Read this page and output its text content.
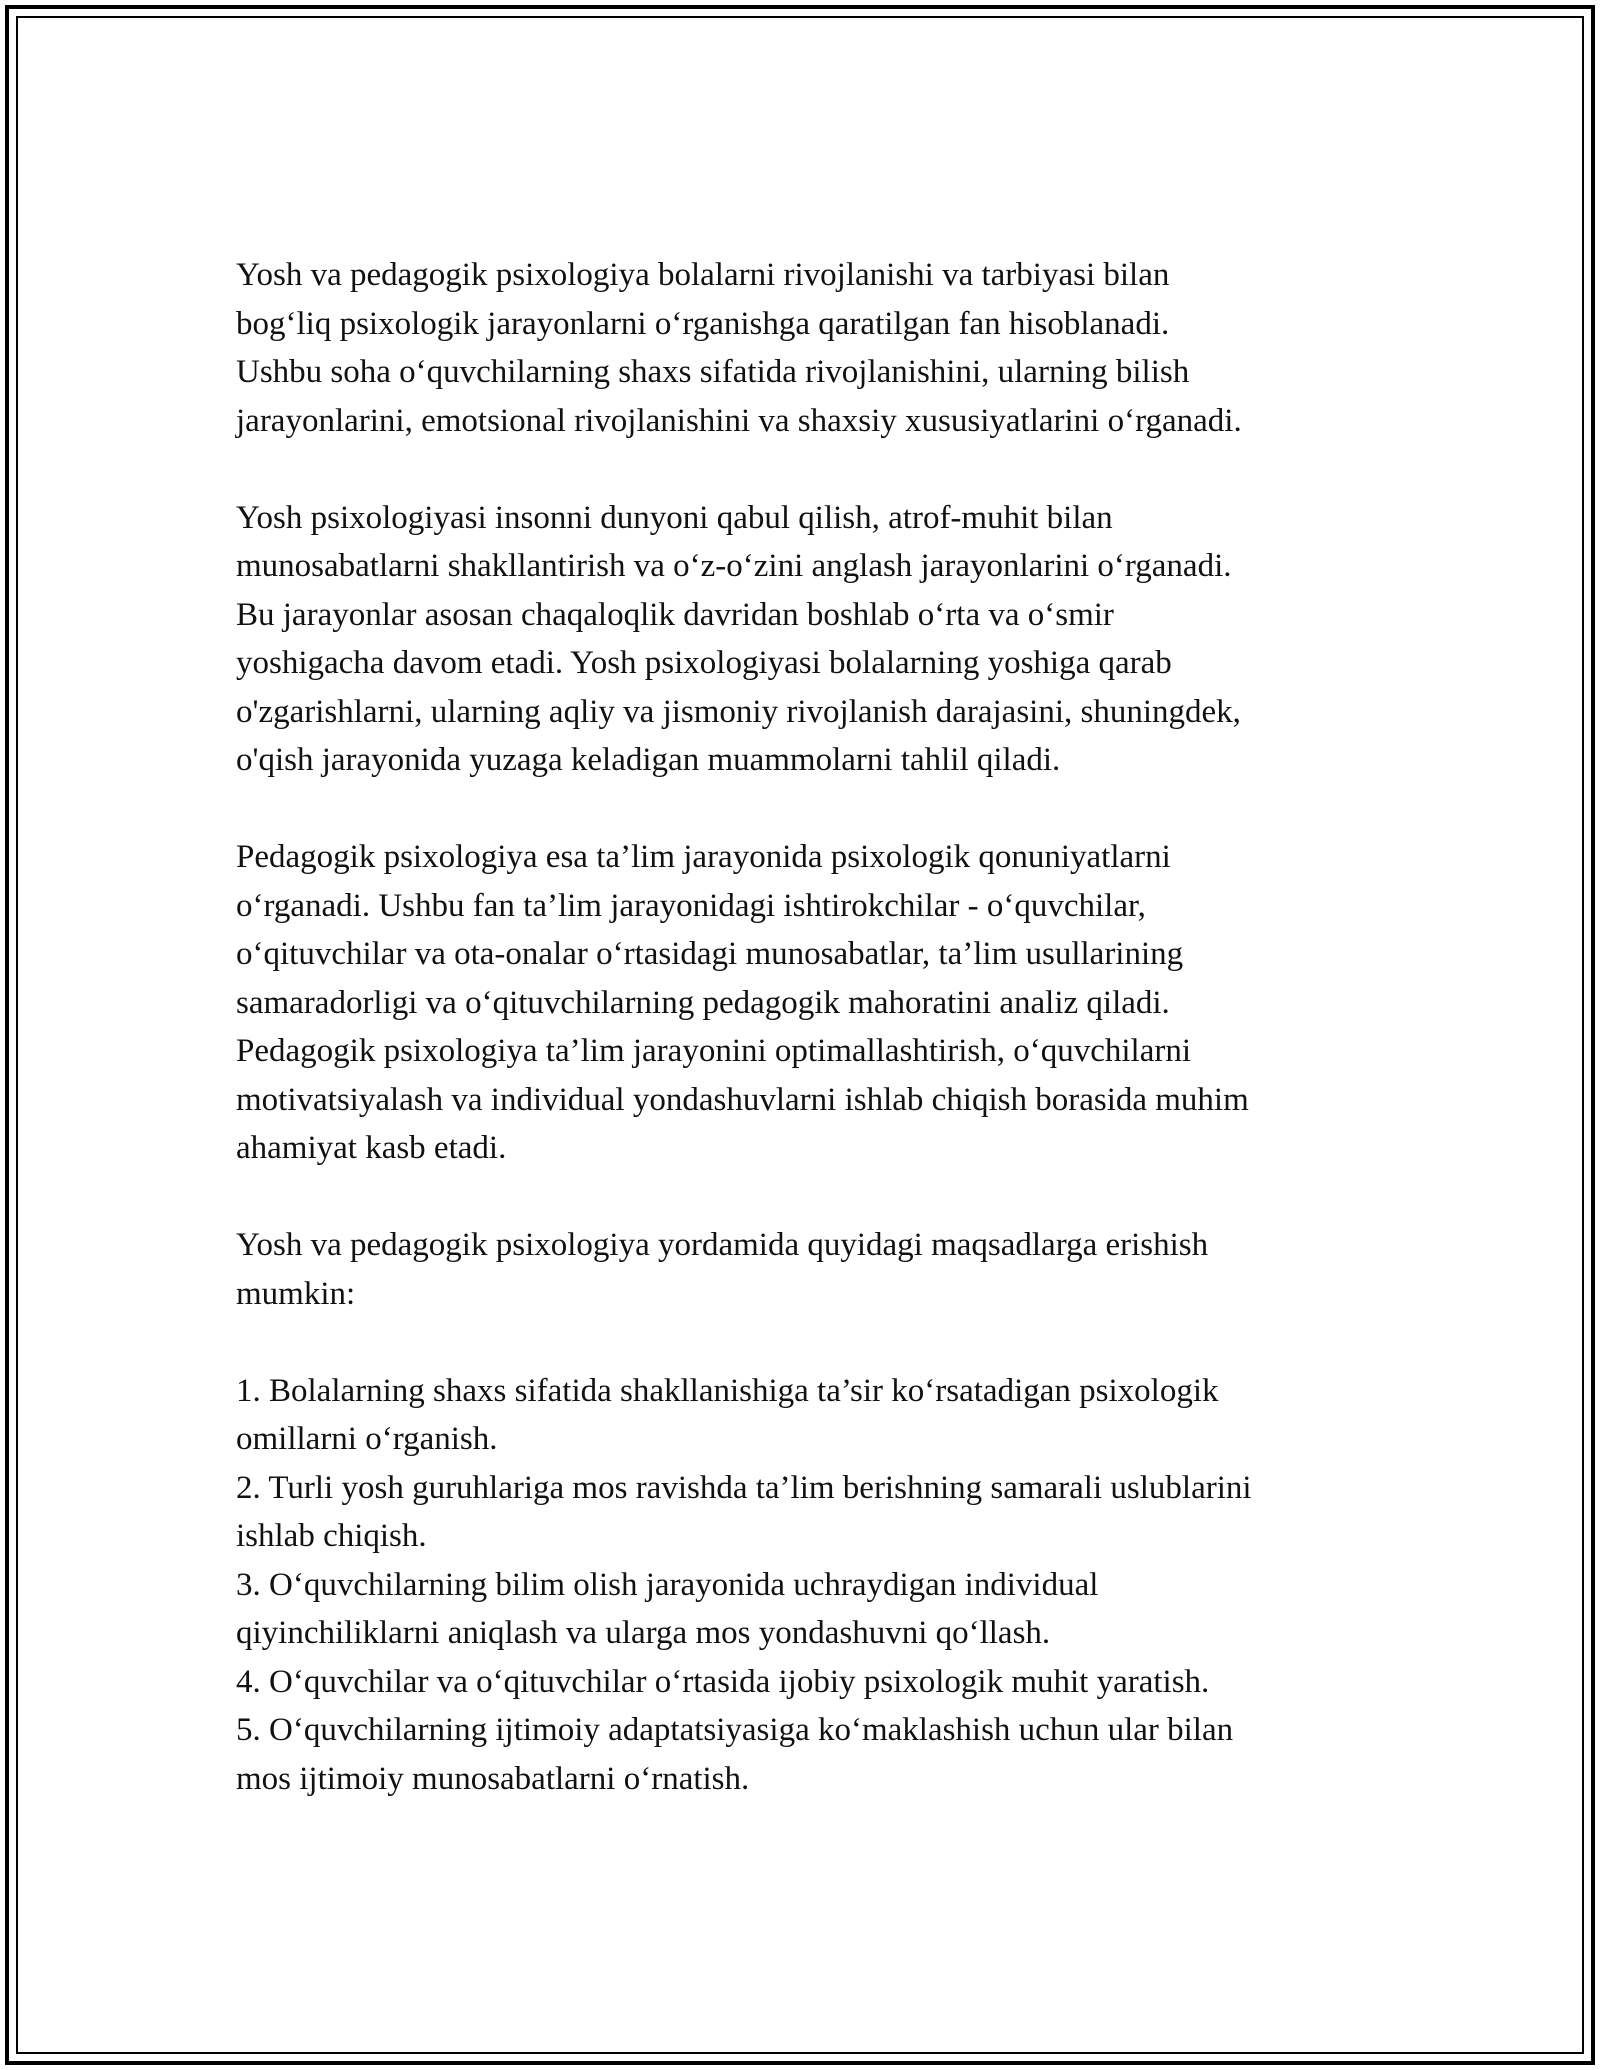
Yosh va pedagogik psixologiya bolalarni rivojlanishi va tarbiyasi bilan
bog‘liq psixologik jarayonlarni o‘rganishga qaratilgan fan hisoblanadi.
Ushbu soha o‘quvchilarning shaxs sifatida rivojlanishini, ularning bilish
jarayonlarini, emotsional rivojlanishini va shaxsiy xususiyatlarini o‘rganadi.

Yosh psixologiyasi insonni dunyoni qabul qilish, atrof-muhit bilan
munosabatlarni shakllantirish va o‘z-o‘zini anglash jarayonlarini o‘rganadi.
Bu jarayonlar asosan chaqaloqlik davridan boshlab o‘rta va o‘smir
yoshigacha davom etadi. Yosh psixologiyasi bolalarning yoshiga qarab
o'zgarishlarni, ularning aqliy va jismoniy rivojlanish darajasini, shuningdek,
o'qish jarayonida yuzaga keladigan muammolarni tahlil qiladi.

Pedagogik psixologiya esa ta’lim jarayonida psixologik qonuniyatlarni
o‘rganadi. Ushbu fan ta’lim jarayonidagi ishtirokchilar - o‘quvchilar,
o‘qituvchilar va ota-onalar o‘rtasidagi munosabatlar, ta’lim usullarining
samaradorligi va o‘qituvchilarning pedagogik mahoratini analiz qiladi.
Pedagogik psixologiya ta’lim jarayonini optimallashtirish, o‘quvchilarni
motivatsiyalash va individual yondashuvlarni ishlab chiqish borasida muhim
ahamiyat kasb etadi.

Yosh va pedagogik psixologiya yordamida quyidagi maqsadlarga erishish
mumkin:

1. Bolalarning shaxs sifatida shakllanishiga ta’sir ko‘rsatadigan psixologik
omillarni o‘rganish.
2. Turli yosh guruhlariga mos ravishda ta’lim berishning samarali uslublarini
ishlab chiqish.
3. O‘quvchilarning bilim olish jarayonida uchraydigan individual
qiyinchiliklarni aniqlash va ularga mos yondashuvni qo‘llash.
4. O‘quvchilar va o‘qituvchilar o‘rtasida ijobiy psixologik muhit yaratish.
5. O‘quvchilarning ijtimoiy adaptatsiyasiga ko‘maklashish uchun ular bilan
mos ijtimoiy munosabatlarni o‘rnatish.
